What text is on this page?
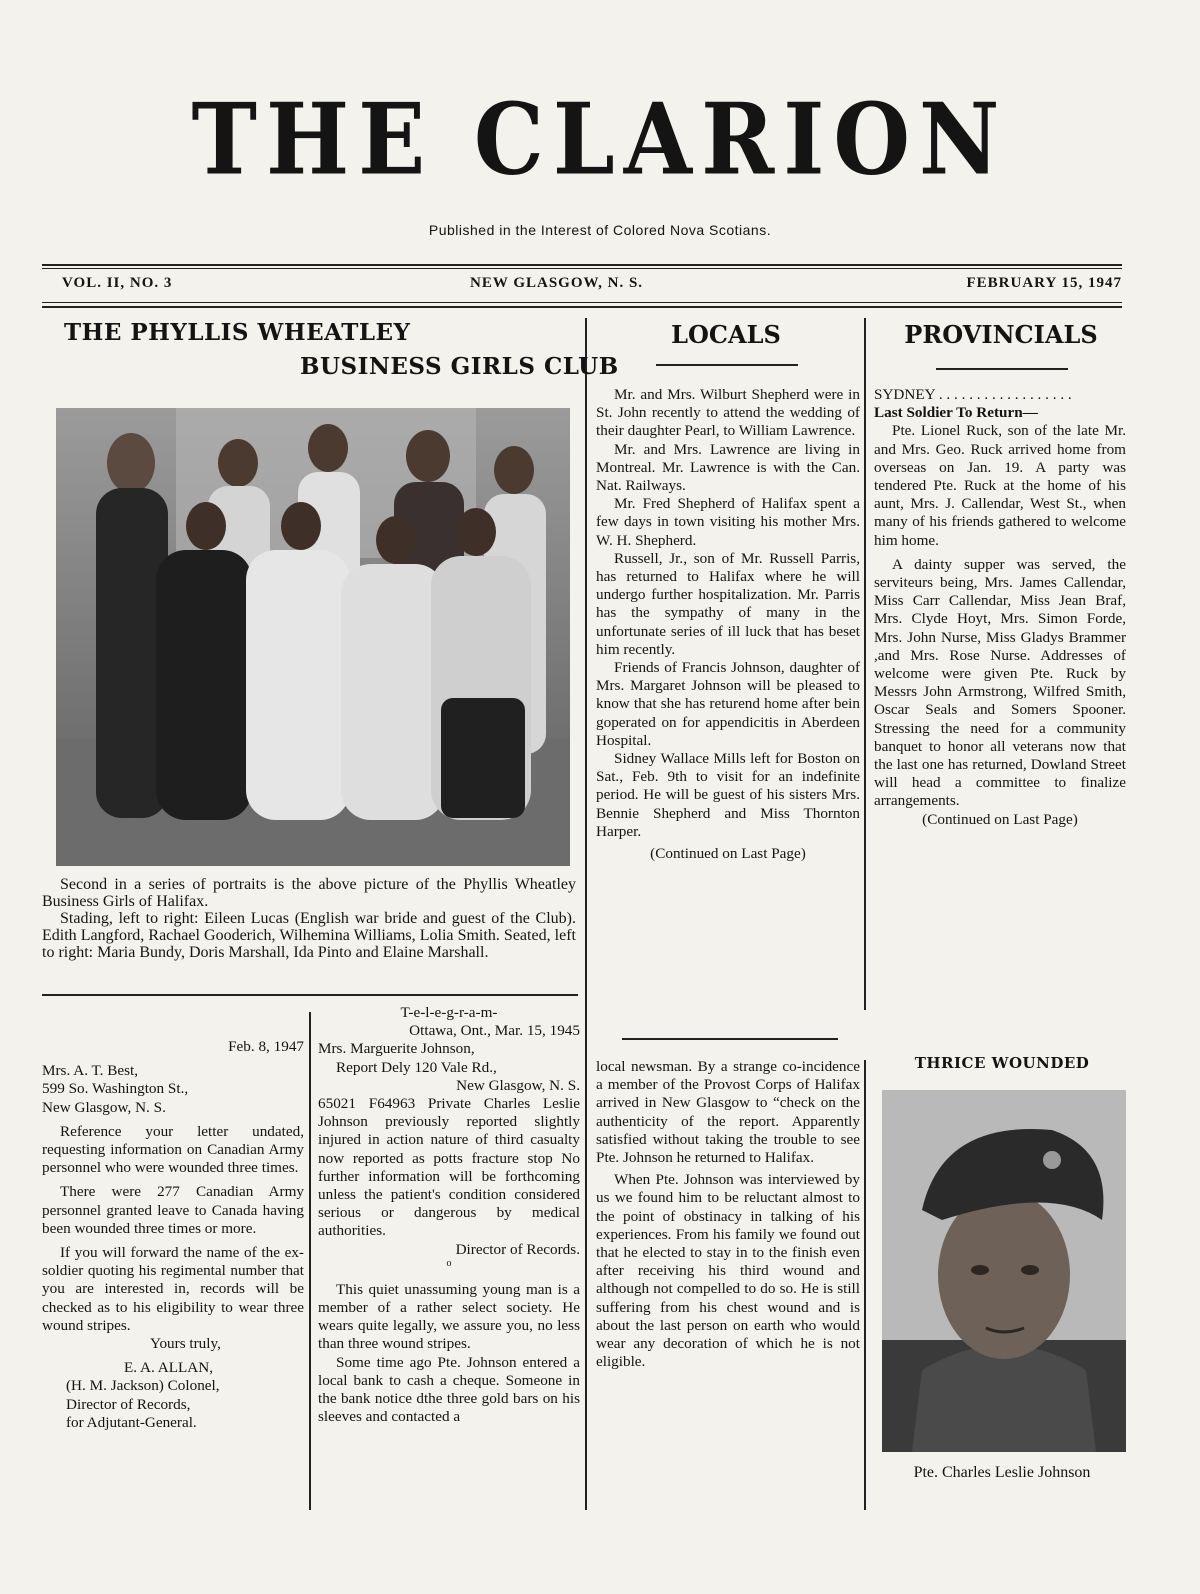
THE CLARION
Published in the Interest of Colored Nova Scotians.
VOL. II, NO. 3	NEW GLASGOW, N. S.	FEBRUARY 15, 1947
THE PHYLLIS WHEATLEY
BUSINESS GIRLS CLUB

Second in a series of portraits is the above picture of the Phyllis Wheatley Business Girls of Halifax.

Stading, left to right: Eileen Lucas (English war bride and guest of the Club). Edith Langford, Rachael Gooderich, Wilhemina Williams, Lolia Smith. Seated, left to right: Maria Bundy, Doris Marshall, Ida Pinto and Elaine Marshall.

LOCALS

Mr. and Mrs. Wilburt Shepherd were in St. John recently to attend the wedding of their daughter Pearl, to William Lawrence.

Mr. and Mrs. Lawrence are living in Montreal. Mr. Lawrence is with the Can. Nat. Railways.

Mr. Fred Shepherd of Halifax spent a few days in town visiting his mother Mrs. W. H. Shepherd.

Russell, Jr., son of Mr. Russell Parris, has returned to Halifax where he will undergo further hospitalization. Mr. Parris has the sympathy of many in the unfortunate series of ill luck that has beset him recently.

Friends of Francis Johnson, daughter of Mrs. Margaret Johnson will be pleased to know that she has returend home after bein goperated on for appendicitis in Aberdeen Hospital.

Sidney Wallace Mills left for Boston on Sat., Feb. 9th to visit for an indefinite period. He will be guest of his sisters Mrs. Bennie Shepherd and Miss Thornton Harper.

(Continued on Last Page)

PROVINCIALS

SYDNEY . . . . . . . . . . . . . . . . . .

Last Soldier To Return—

Pte. Lionel Ruck, son of the late Mr. and Mrs. Geo. Ruck arrived home from overseas on Jan. 19. A party was tendered Pte. Ruck at the home of his aunt, Mrs. J. Callendar, West St., when many of his friends gathered to welcome him home.

A dainty supper was served, the serviteurs being, Mrs. James Callendar, Miss Carr Callendar, Miss Jean Braf, Mrs. Clyde Hoyt, Mrs. Simon Forde, Mrs. John Nurse, Miss Gladys Brammer ,and Mrs. Rose Nurse. Addresses of welcome were given Pte. Ruck by Messrs John Armstrong, Wilfred Smith, Oscar Seals and Somers Spooner. Stressing the need for a community banquet to honor all veterans now that the last one has returned, Dowland Street will head a committee to finalize arrangements.

(Continued on Last Page)

Feb. 8, 1947

Mrs. A. T. Best,

599 So. Washington St.,

New Glasgow, N. S.

Reference your letter undated, requesting information on Canadian Army personnel who were wounded three times.

There were 277 Canadian Army personnel granted leave to Canada having been wounded three times or more.

If you will forward the name of the ex-soldier quoting his regimental number that you are interested in, records will be checked as to his eligibility to wear three wound stripes.

Yours truly,

E. A. ALLAN,

(H. M. Jackson) Colonel,

Director of Records,

for Adjutant-General.

T-e-l-e-g-r-a-m-

Ottawa, Ont., Mar. 15, 1945

Mrs. Marguerite Johnson,

Report Dely 120 Vale Rd.,

New Glasgow, N. S.

65021 F64963 Private Charles Leslie Johnson previously reported slightly injured in action nature of third casualty now reported as potts fracture stop No further information will be forthcoming unless the patient's condition considered serious or dangerous by medical authorities.

Director of Records.

o

This quiet unassuming young man is a member of a rather select society. He wears quite legally, we assure you, no less than three wound stripes.

Some time ago Pte. Johnson entered a local bank to cash a cheque. Someone in the bank notice dthe three gold bars on his sleeves and contacted a

local newsman. By a strange co-incidence a member of the Provost Corps of Halifax arrived in New Glasgow to “check on the authenticity of the report. Apparently satisfied without taking the trouble to see Pte. Johnson he returned to Halifax.

When Pte. Johnson was interviewed by us we found him to be reluctant almost to the point of obstinacy in talking of his experiences. From his family we found out that he elected to stay in to the finish even after receiving his third wound and although not compelled to do so. He is still suffering from his chest wound and is about the last person on earth who would wear any decoration of which he is not eligible.

THRICE WOUNDED
Pte. Charles Leslie Johnson
